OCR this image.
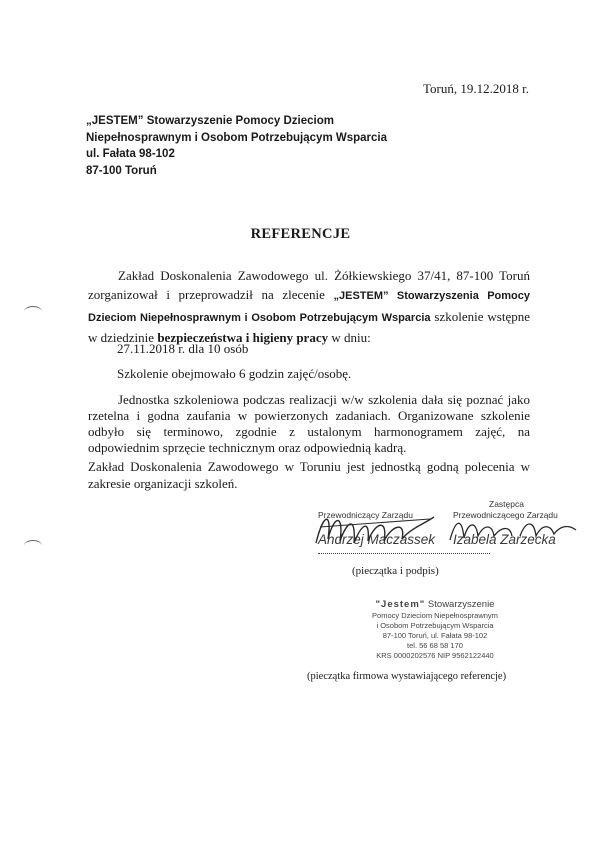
Toruń, 19.12.2018 r.
„JESTEM” Stowarzyszenie Pomocy Dzieciom
Niepełnosprawnym i Osobom Potrzebującym Wsparcia
ul. Fałata 98-102
87-100 Toruń
REFERENCJE
Zakład Doskonalenia Zawodowego ul. Żółkiewskiego 37/41, 87-100 Toruń zorganizował i przeprowadził na zlecenie „JESTEM” Stowarzyszenia Pomocy Dzieciom Niepełnosprawnym i Osobom Potrzebującym Wsparcia szkolenie wstępne w dziedzinie bezpieczeństwa i higieny pracy w dniu:
27.11.2018 r. dla 10 osób
Szkolenie obejmowało 6 godzin zajęć/osobę.
Jednostka szkoleniowa podczas realizacji w/w szkolenia dała się poznać jako rzetelna i godna zaufania w powierzonych zadaniach. Organizowane szkolenie odbyło się terminowo, zgodnie z ustalonym harmonogramem zajęć, na odpowiednim sprzęcie technicznym oraz odpowiednią kadrą.
Zakład Doskonalenia Zawodowego w Toruniu jest jednostką godną polecenia w zakresie organizacji szkoleń.
Przewodniczący Zarządu
Andrzej Maczassek
Zastępca
Przewodniczącego Zarządu
Izabela Zarzecka
(pieczątka i podpis)
"Jestem" Stowarzyszenie
Pomocy Dzieciom Niepełnosprawnym
i Osobom Potrzebującym Wsparcia
87-100 Toruń, ul. Fałata 98-102
tel. 56 68 58 170
KRS 0000202576 NIP 9562122440
(pieczątka firmowa wystawiającego referencje)
